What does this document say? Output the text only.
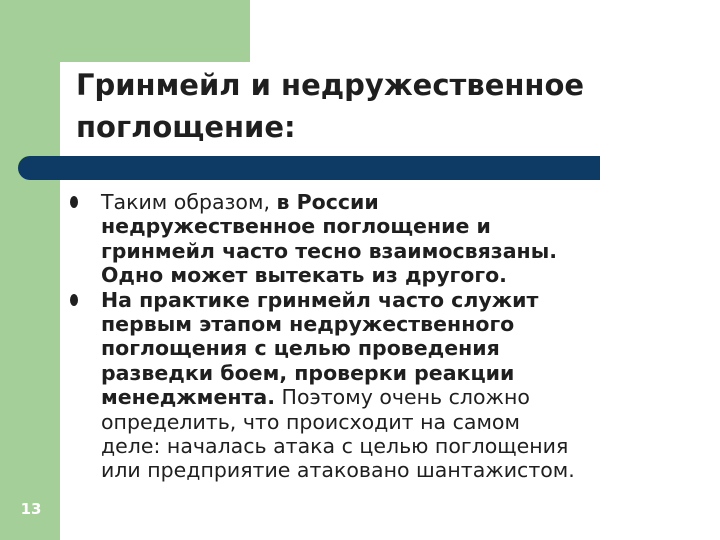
Гринмейл и недружественное
поглощение:
13
Таким образом, в России
недружественное поглощение и
гринмейл часто тесно взаимосвязаны.
Одно может вытекать из другого.
На практике гринмейл часто служит
первым этапом недружественного
поглощения с целью проведения
разведки боем, проверки реакции
менеджмента. Поэтому очень сложно
определить, что происходит на самом
деле: началась атака с целью поглощения
или предприятие атаковано шантажистом.
